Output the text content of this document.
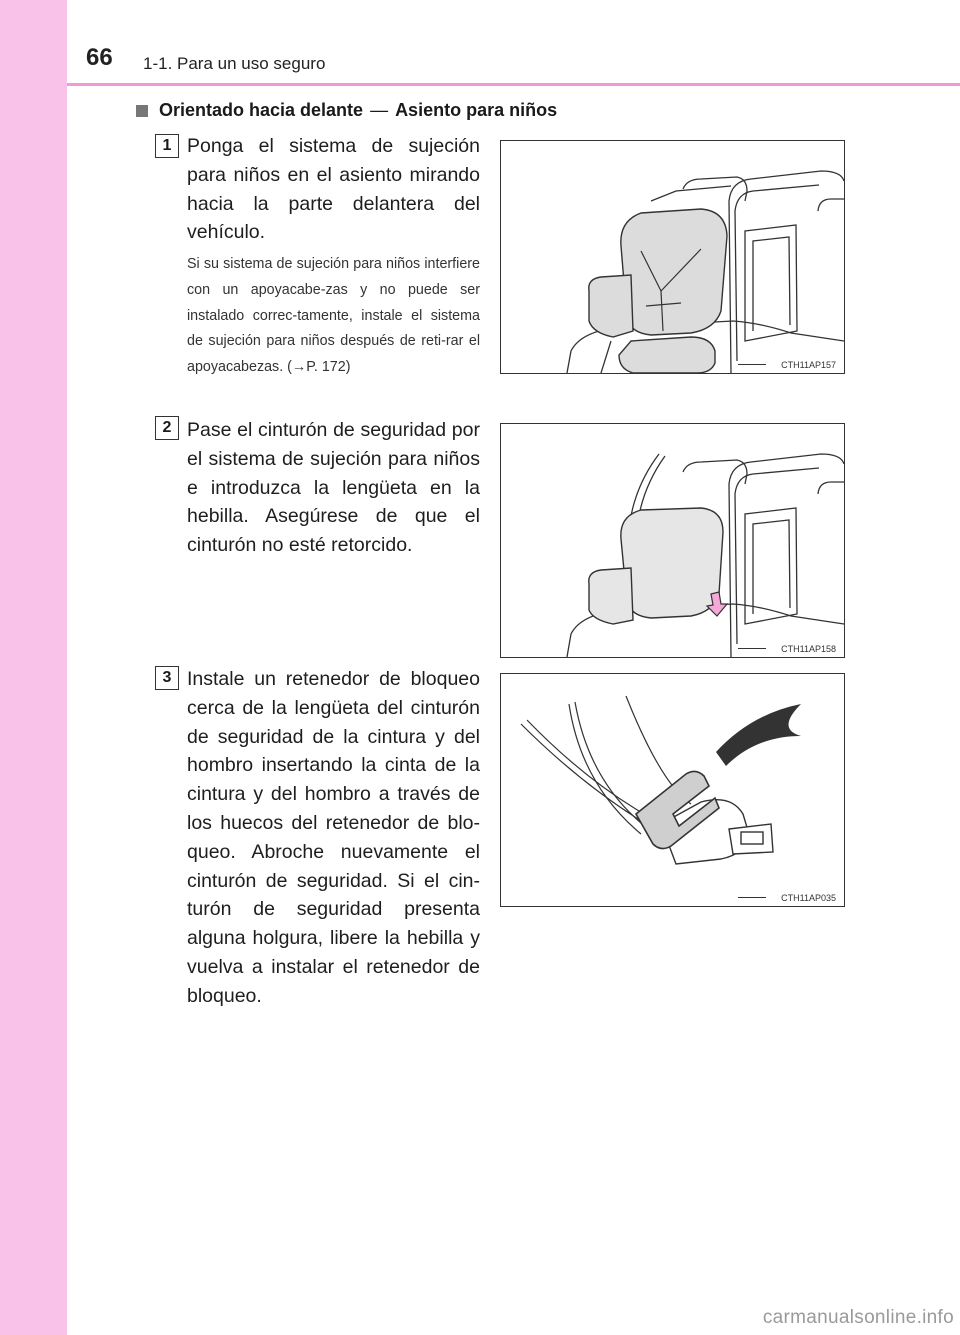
66 1-1. Para un uso seguro
Orientado hacia delante — Asiento para niños
1 Ponga el sistema de sujeción para niños en el asiento mirando hacia la parte delantera del vehículo.
Si su sistema de sujeción para niños interfiere con un apoyacabe-zas y no puede ser instalado correc-tamente, instale el sistema de sujeción para niños después de reti-rar el apoyacabezas. (→P. 172)	CTH11AP157
2 Pase el cinturón de seguridad por el sistema de sujeción para niños e introduzca la lengüeta en la hebilla. Asegúrese de que el cinturón no esté retorcido.
CTH11AP158
3 Instale un retenedor de bloqueo cerca de la lengüeta del cinturón de seguridad de la cintura y del hombro insertando la cinta de la cintura y del hombro a través de los huecos del retenedor de blo-queo. Abroche nuevamente el cinturón de seguridad. Si el cin-turón de seguridad presenta alguna holgura, libere la hebilla y vuelva a instalar el retenedor de bloqueo.
CTH11AP035
carmanualsonline.info
